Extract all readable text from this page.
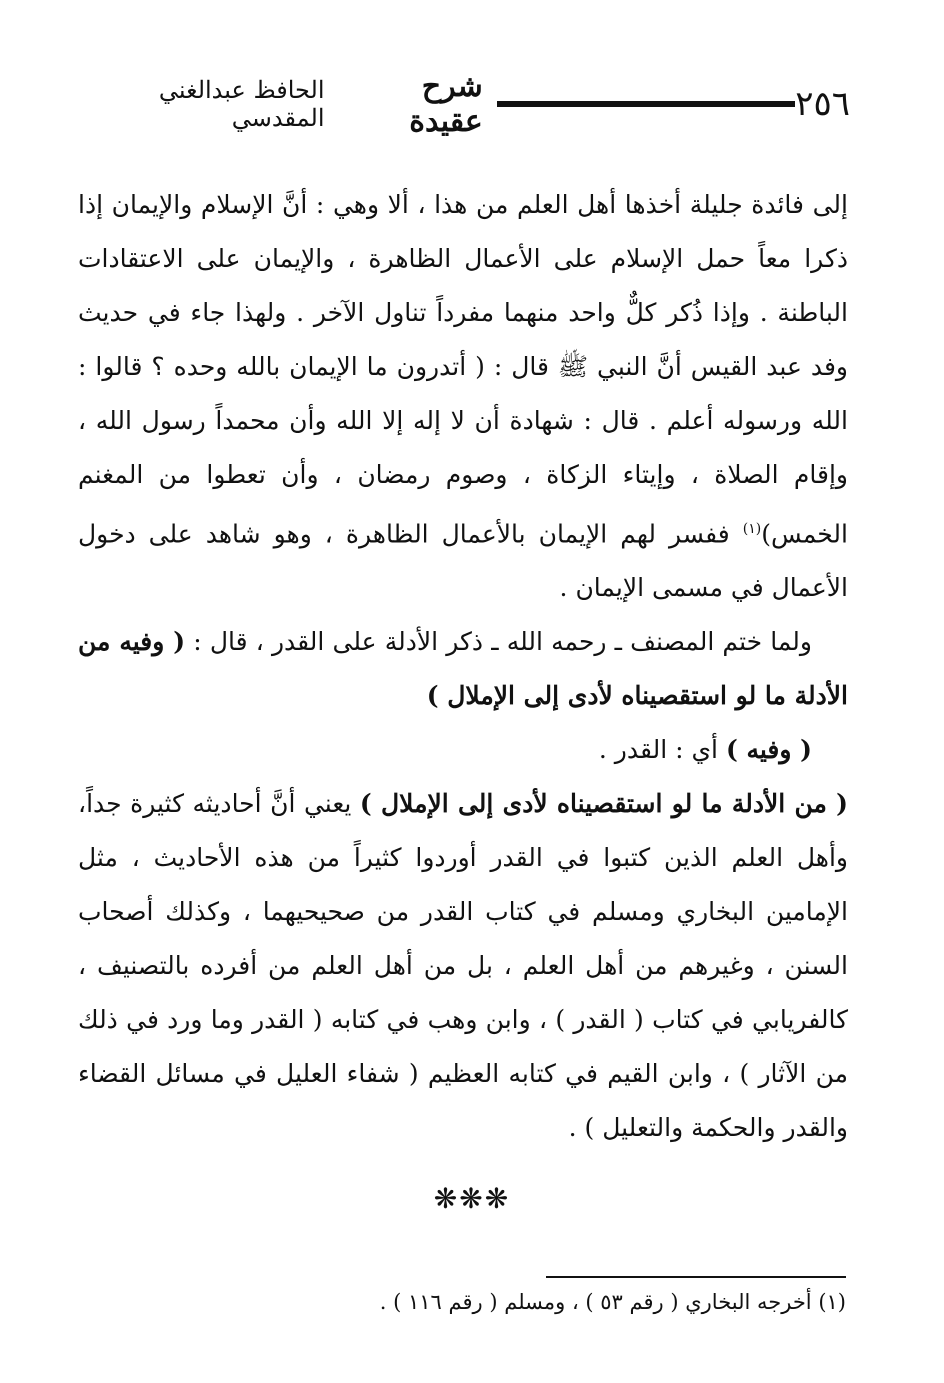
٢٥٦
شرح عقيدة
الحافظ عبدالغني المقدسي

إلى فائدة جليلة أخذها أهل العلم من هذا ، ألا وهي : أنَّ الإسلام والإيمان إذا ذكرا معاً حمل الإسلام على الأعمال الظاهرة ، والإيمان على الاعتقادات الباطنة . وإذا ذُكر كلٌّ واحد منهما مفرداً تناول الآخر . ولهذا جاء في حديث وفد عبد القيس أنَّ النبي ﷺ قال : ( أتدرون ما الإيمان بالله وحده ؟ قالوا : الله ورسوله أعلم . قال : شهادة أن لا إله إلا الله وأن محمداً رسول الله ، وإقام الصلاة ، وإيتاء الزكاة ، وصوم رمضان ، وأن تعطوا من المغنم الخمس)$^{(١)}$ ففسر لهم الإيمان بالأعمال الظاهرة ، وهو شاهد على دخول الأعمال في مسمى الإيمان .

ولما ختم المصنف ـ رحمه الله ـ ذكر الأدلة على القدر ، قال : ( وفيه من الأدلة ما لو استقصيناه لأدى إلى الإملال )

( وفيه ) أي : القدر .

( من الأدلة ما لو استقصيناه لأدى إلى الإملال ) يعني أنَّ أحاديثه كثيرة جداً، وأهل العلم الذين كتبوا في القدر أوردوا كثيراً من هذه الأحاديث ، مثل الإمامين البخاري ومسلم في كتاب القدر من صحيحيهما ، وكذلك أصحاب السنن ، وغيرهم من أهل العلم ، بل من أهل العلم من أفرده بالتصنيف ، كالفريابي في كتاب ( القدر ) ، وابن وهب في كتابه ( القدر وما ورد في ذلك من الآثار ) ، وابن القيم في كتابه العظيم ( شفاء العليل في مسائل القضاء والقدر والحكمة والتعليل ) .

❋❋❋
(١) أخرجه البخاري ( رقم ٥٣ ) ، ومسلم ( رقم ١١٦ ) .
